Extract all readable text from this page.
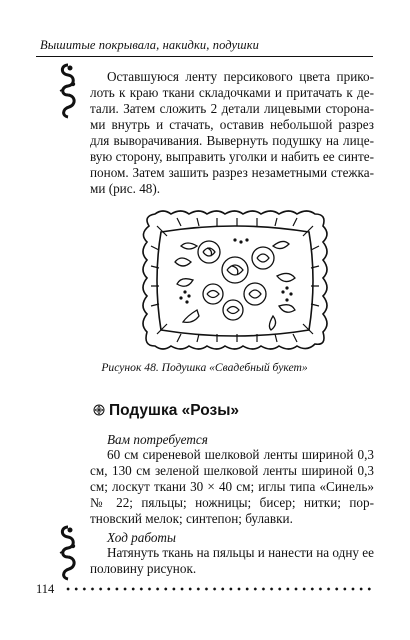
Вышитые покрывала, накидки, подушки

Оставшуюся ленту персикового цвета приколоть к краю ткани складочками и притачать к детали. Затем сложить 2 детали лицевыми сторонами внутрь и стачать, оставив небольшой разрез для выворачивания. Вывернуть подушку на лицевую сторону, выправить уголки и набить ее синтепоном. Затем зашить разрез незаметными стежками (рис. 48).

Рисунок 48. Подушка «Свадебный букет»
Подушка «Розы»
Вам потребуется

60 см сиреневой шелковой ленты шириной 0,3 см, 130 см зеленой шелковой ленты шириной 0,3 см; лоскут ткани 30 × 40 см; иглы типа «Синель» № 22; пяльцы; ножницы; бисер; нитки; портновский мелок; синтепон; булавки.

Ход работы

Натянуть ткань на пяльцы и нанести на одну ее половину рисунок.

114
